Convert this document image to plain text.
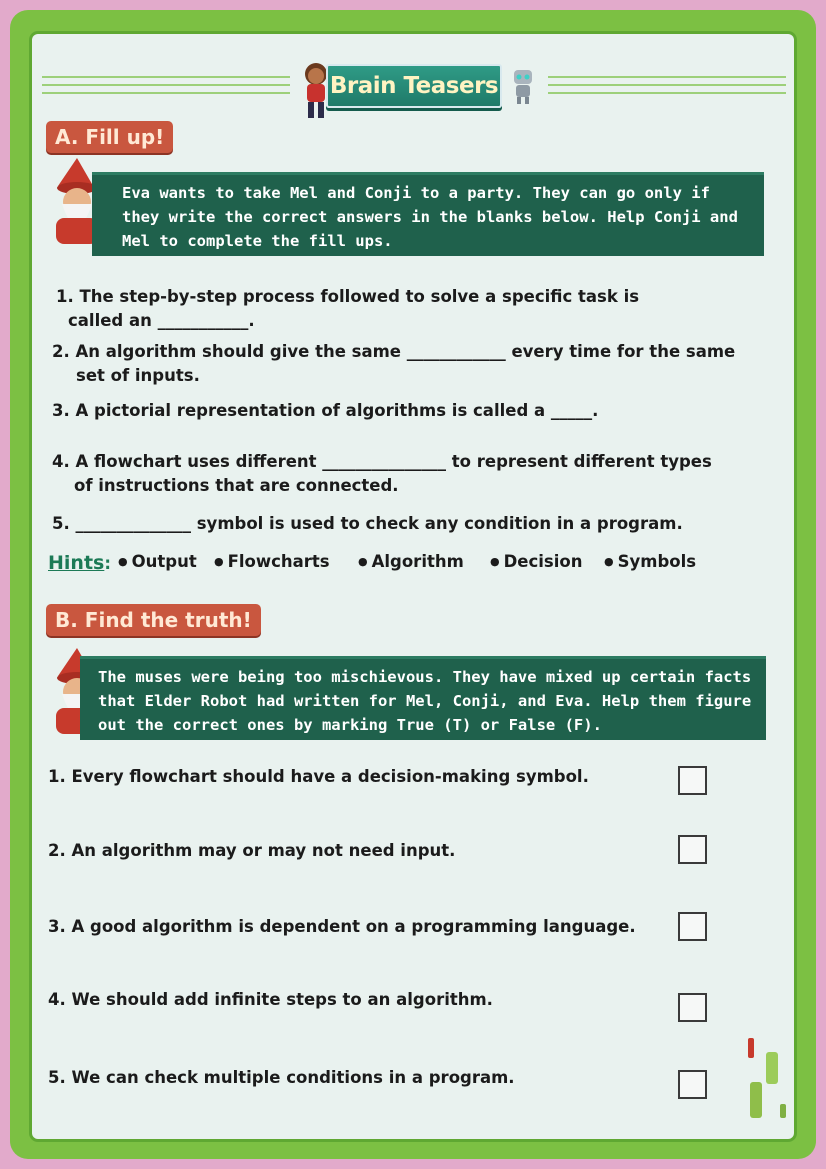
Brain Teasers
A. Fill up!
Eva wants to take Mel and Conji to a party. They can go only if they write the correct answers in the blanks below. Help Conji and Mel to complete the fill ups.
1. The step-by-step process followed to solve a specific task is
called an ___________.
2. An algorithm should give the same ____________ every time for the same
set of inputs.
3. A pictorial representation of algorithms is called a _____.
4. A flowchart uses different _______________ to represent different types
of instructions that are connected.
5. ______________ symbol is used to check any condition in a program.
Hints:	● Output	● Flowcharts	● Algorithm	● Decision	● Symbols
B. Find the truth!
The muses were being too mischievous. They have mixed up certain facts that Elder Robot had written for Mel, Conji, and Eva. Help them figure out the correct ones by marking True (T) or False (F).
1. Every flowchart should have a decision-making symbol.
2. An algorithm may or may not need input.
3. A good algorithm is dependent on a programming language.
4. We should add infinite steps to an algorithm.
5. We can check multiple conditions in a program.
